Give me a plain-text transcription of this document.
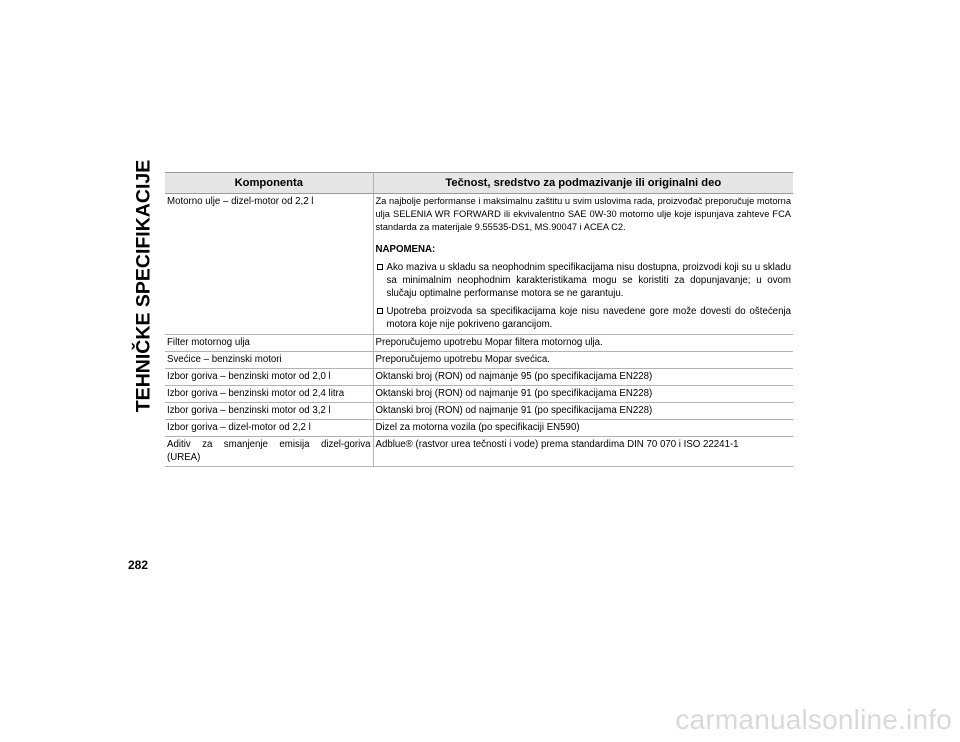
TEHNIČKE SPECIFIKACIJE	Komponenta	Tečnost, sredstvo za podmazivanje ili originalni deo
Motorno ulje – dizel-motor od 2,2 l	Za najbolje performanse i maksimalnu zaštitu u svim uslovima rada, proizvođač preporučuje motorna ulja SELENIA WR FORWARD ili ekvivalentno SAE 0W-30 motorno ulje koje ispunjava zahteve FCA standarda za materijale 9.55535-DS1, MS.90047 i ACEA C2.
NAPOMENA:
Ako maziva u skladu sa neophodnim specifikacijama nisu dostupna, proizvodi koji su u skladu sa minimalnim neophodnim karakteristikama mogu se koristiti za dopunjavanje; u ovom slučaju optimalne performanse motora se ne garantuju.
Upotreba proizvoda sa specifikacijama koje nisu navedene gore može dovesti do oštećenja motora koje nije pokriveno garancijom.

Filter motornog ulja	Preporučujemo upotrebu Mopar filtera motornog ulja.
Svećice – benzinski motori	Preporučujemo upotrebu Mopar svećica.
Izbor goriva – benzinski motor od 2,0 l	Oktanski broj (RON) od najmanje 95 (po specifikacijama EN228)
Izbor goriva – benzinski motor od 2,4 litra	Oktanski broj (RON) od najmanje 91 (po specifikacijama EN228)
Izbor goriva – benzinski motor od 3,2 l	Oktanski broj (RON) od najmanje 91 (po specifikacijama EN228)
Izbor goriva – dizel-motor od 2,2 l	Dizel za motorna vozila (po specifikaciji EN590)
Aditiv za smanjenje emisija dizel-goriva (UREA)	Adblue® (rastvor urea tečnosti i vode) prema standardima DIN 70 070 i ISO 22241-1
282
carmanualsonline.info
